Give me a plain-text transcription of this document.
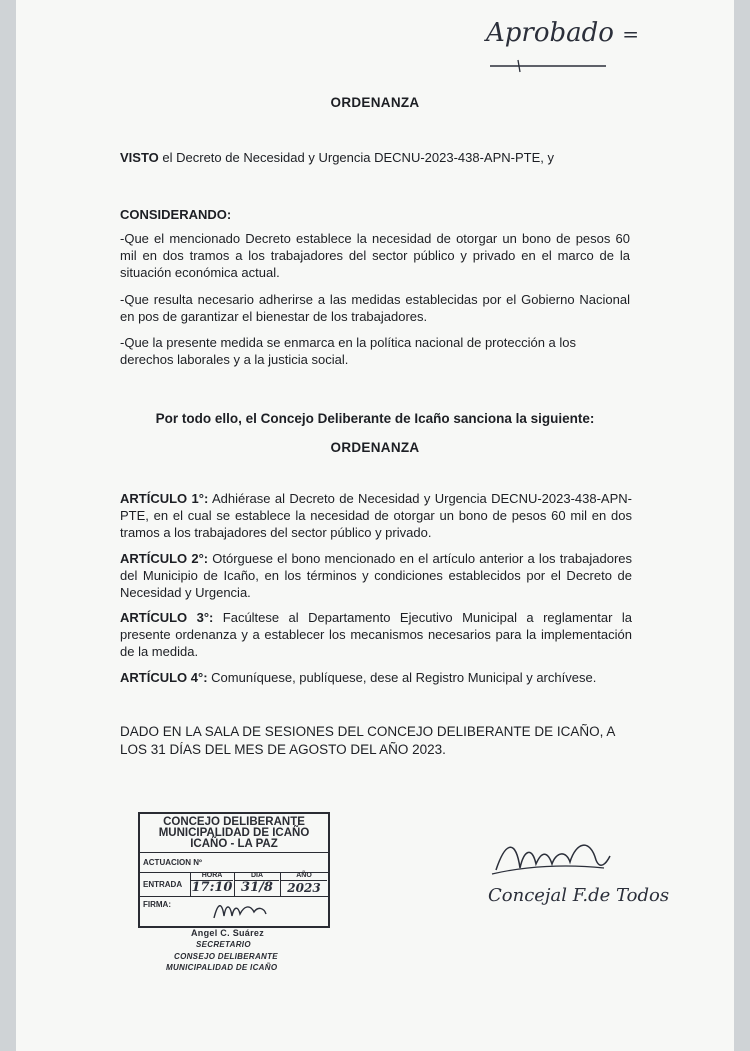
Aprobado =
ORDENANZA
VISTO el Decreto de Necesidad y Urgencia DECNU-2023-438-APN-PTE, y
CONSIDERANDO:
-Que el mencionado Decreto establece la necesidad de otorgar un bono de pesos 60 mil en dos tramos a los trabajadores del sector público y privado en el marco de la situación económica actual.
-Que resulta necesario adherirse a las medidas establecidas por el Gobierno Nacional en pos de garantizar el bienestar de los trabajadores.
-Que la presente medida se enmarca en la política nacional de protección a los derechos laborales y a la justicia social.
Por todo ello, el Concejo Deliberante de Icaño sanciona la siguiente:
ORDENANZA
ARTÍCULO 1°: Adhiérase al Decreto de Necesidad y Urgencia DECNU-2023-438-APN-PTE, en el cual se establece la necesidad de otorgar un bono de pesos 60 mil en dos tramos a los trabajadores del sector público y privado.
ARTÍCULO 2°: Otórguese el bono mencionado en el artículo anterior a los trabajadores del Municipio de Icaño, en los términos y condiciones establecidos por el Decreto de Necesidad y Urgencia.
ARTÍCULO 3°: Facúltese al Departamento Ejecutivo Municipal a reglamentar la presente ordenanza y a establecer los mecanismos necesarios para la implementación de la medida.
ARTÍCULO 4°: Comuníquese, publíquese, dese al Registro Municipal y archívese.
DADO EN LA SALA DE SESIONES DEL CONCEJO DELIBERANTE DE ICAÑO, A LOS 31 DÍAS DEL MES DE AGOSTO DEL AÑO 2023.
CONCEJO DELIBERANTE
MUNICIPALIDAD DE ICAÑO
ICAÑO - LA PAZ
ACTUACION Nº
ENTRADA
HORA
17:10
DIA
31/8
AÑO
2023
FIRMA:
Angel C. Suárez
SECRETARIO
CONSEJO DELIBERANTE
MUNICIPALIDAD DE ICAÑO
Concejal F.de Todos
